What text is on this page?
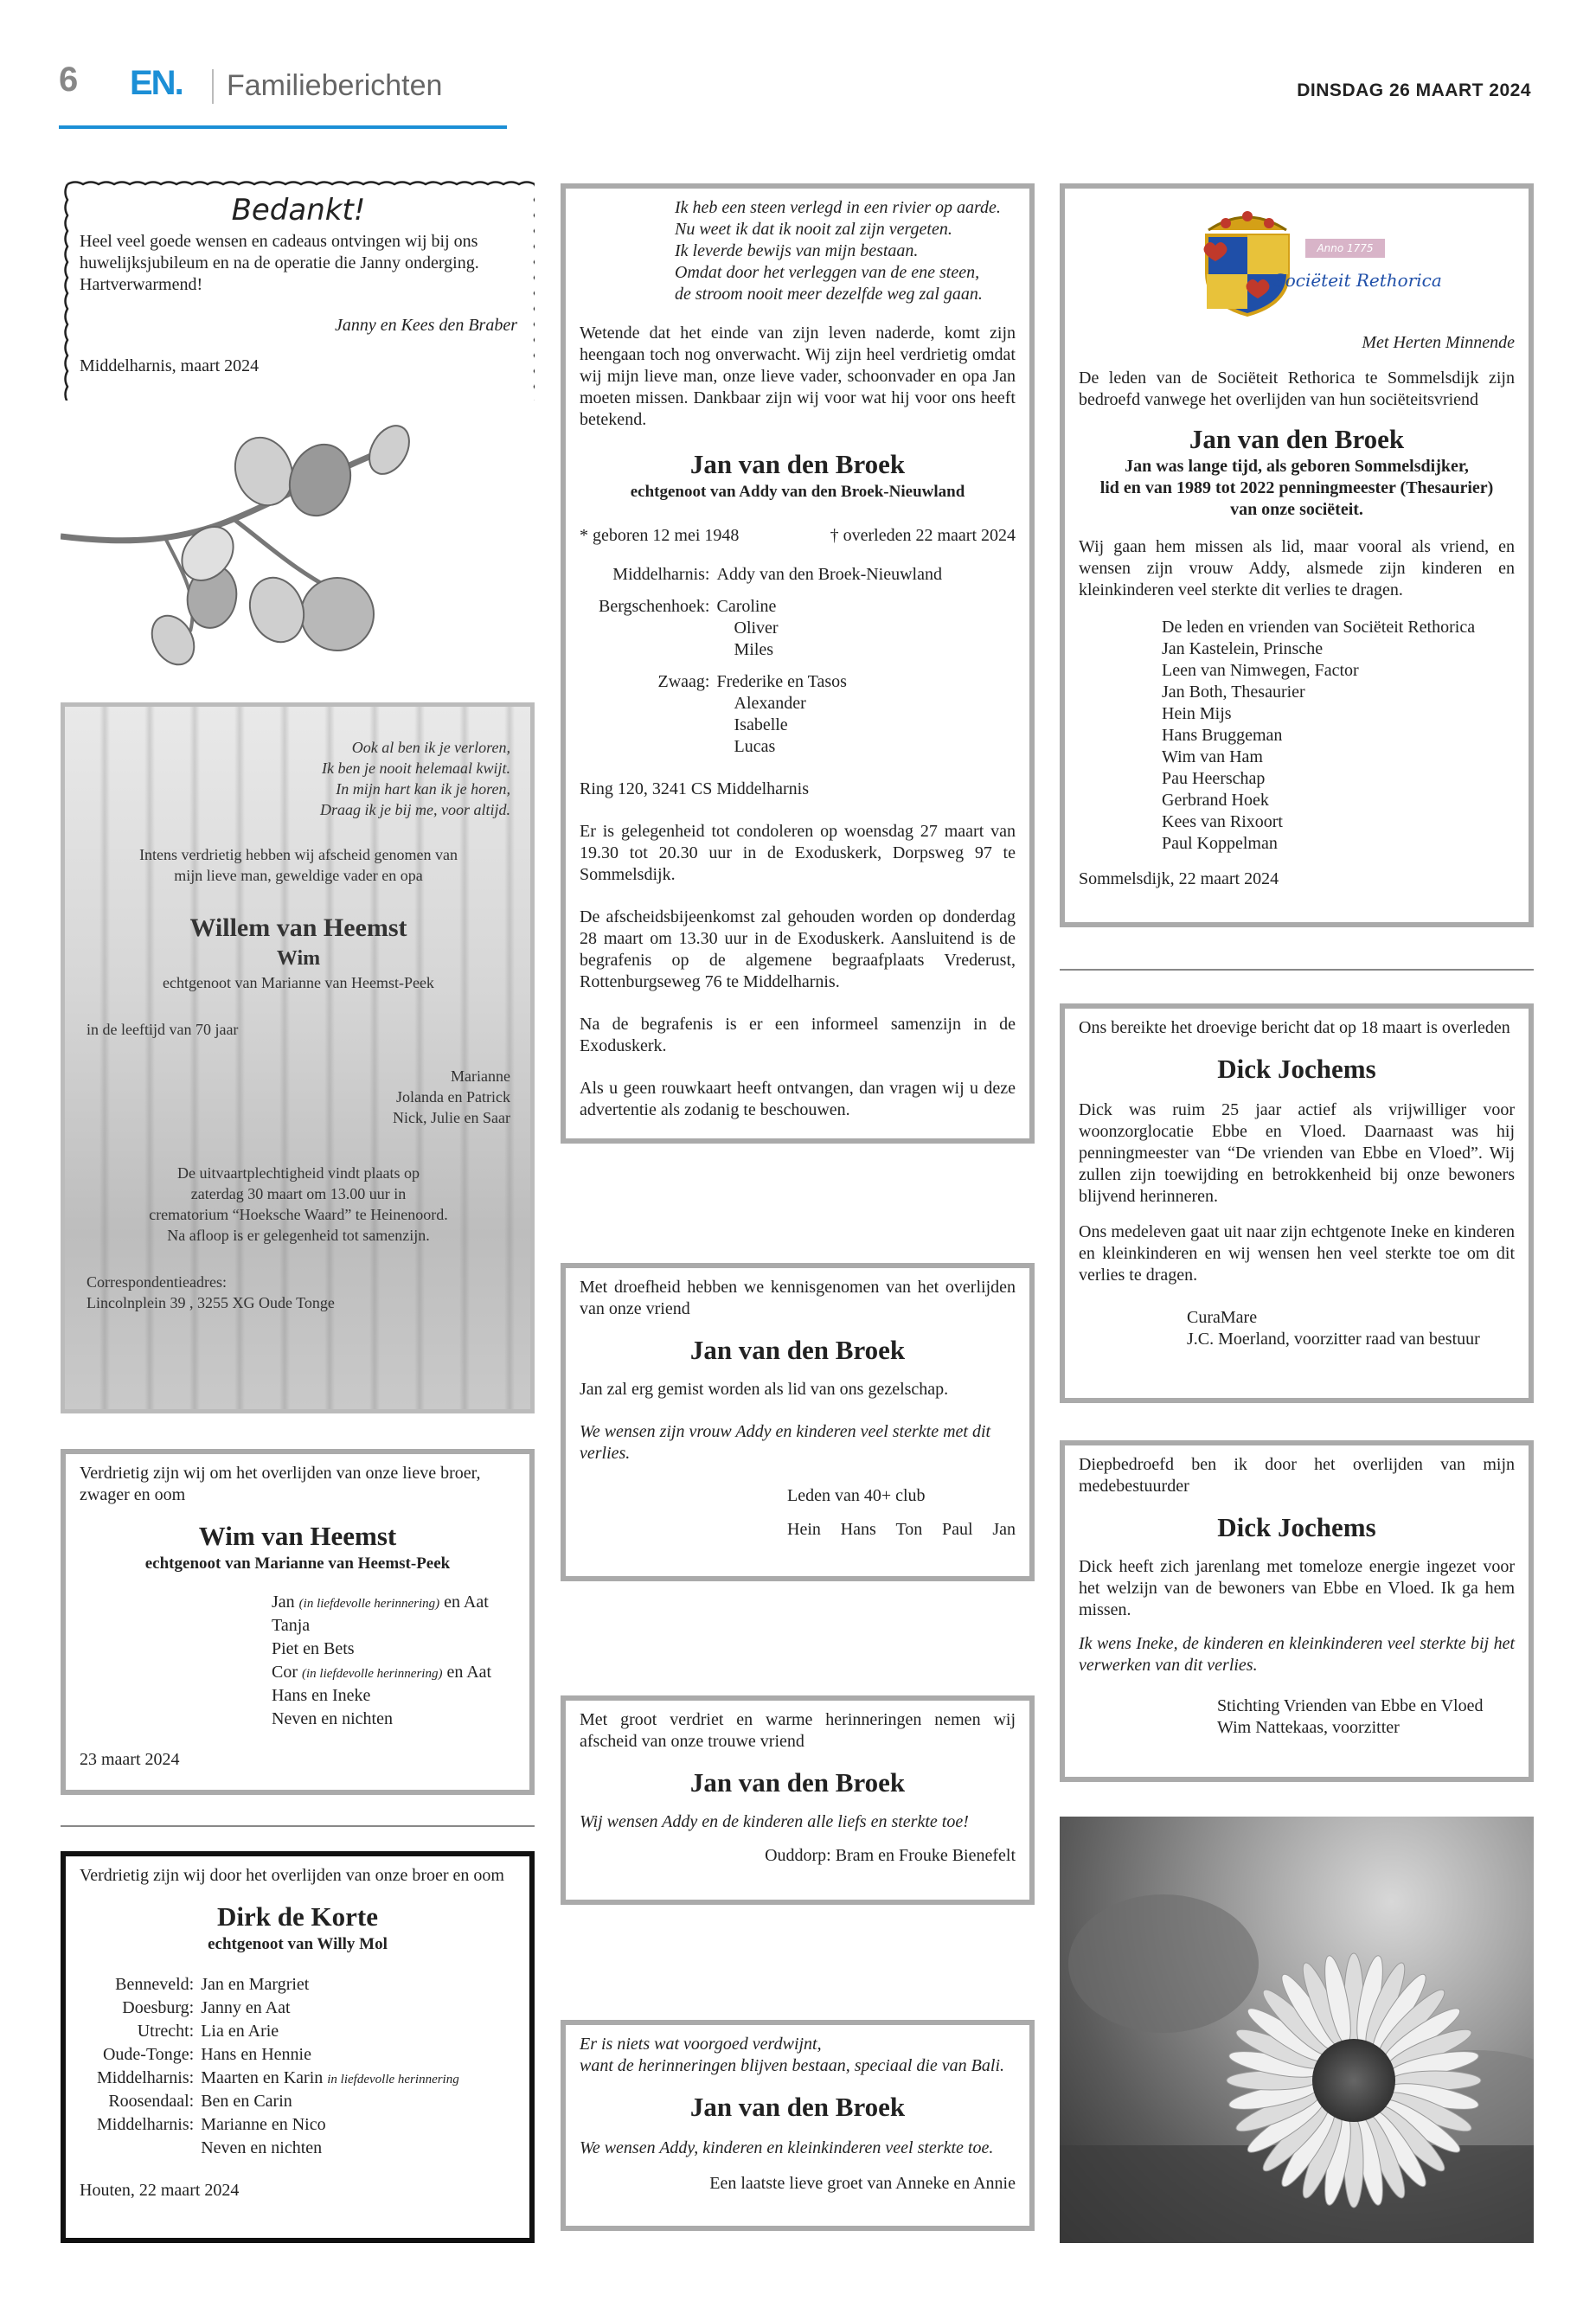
6 EN. Familieberichten	DINSDAG 26 MAART 2024
Bedankt!

Heel veel goede wensen en cadeaus ontvingen wij bij ons huwelijksjubileum en na de operatie die Janny onderging. Hartverwarmend!

Janny en Kees den Braber

Middelharnis, maart 2024

Ook al ben ik je verloren,
Ik ben je nooit helemaal kwijt.
In mijn hart kan ik je horen,
Draag ik je bij me, voor altijd.
Intens verdrietig hebben wij afscheid genomen van
mijn lieve man, geweldige vader en opa
Willem van Heemst
Wim
echtgenoot van Marianne van Heemst-Peek
in de leeftijd van 70 jaar
Marianne
Jolanda en Patrick
Nick, Julie en Saar
De uitvaartplechtigheid vindt plaats op
zaterdag 30 maart om 13.00 uur in
crematorium “Hoeksche Waard” te Heinenoord.
Na afloop is er gelegenheid tot samenzijn.
Correspondentieadres:
Lincolnplein 39 , 3255 XG Oude Tonge

Verdrietig zijn wij om het overlijden van onze lieve broer, zwager en oom

Wim van Heemst
echtgenoot van Marianne van Heemst-Peek
Jan (in liefdevolle herinnering) en Aat
Tanja
Piet en Bets
Cor (in liefdevolle herinnering) en Aat
Hans en Ineke
Neven en nichten

23 maart 2024

Verdrietig zijn wij door het overlijden van onze broer en oom

Dirk de Korte
echtgenoot van Willy Mol
Benneveld:	Jan en Margriet
Doesburg:	Janny en Aat
Utrecht:	Lia en Arie
Oude-Tonge:	Hans en Hennie
Middelharnis:	Maarten en Karin in liefdevolle herinnering
Roosendaal:	Ben en Carin
Middelharnis:	Marianne en Nico
	Neven en nichten

Houten, 22 maart 2024

Ik heb een steen verlegd in een rivier op aarde.
Nu weet ik dat ik nooit zal zijn vergeten.
Ik leverde bewijs van mijn bestaan.
Omdat door het verleggen van de ene steen,
de stroom nooit meer dezelfde weg zal gaan.

Wetende dat het einde van zijn leven naderde, komt zijn heengaan toch nog onverwacht. Wij zijn heel verdrietig omdat wij mijn lieve man, onze lieve vader, schoonvader en opa Jan moeten missen. Dankbaar zijn wij voor wat hij voor ons heeft betekend.

Jan van den Broek
echtgenoot van Addy van den Broek-Nieuwland
* geboren 12 mei 1948	† overleden 22 maart 2024
Middelharnis:	Addy van den Broek-Nieuwland

Bergschenhoek:	Caroline
	Oliver
	Miles

Zwaag:	Frederike en Tasos
	Alexander
	Isabelle
	Lucas

Ring 120, 3241 CS Middelharnis

Er is gelegenheid tot condoleren op woensdag 27 maart van 19.30 tot 20.30 uur in de Exoduskerk, Dorpsweg 97 te Sommelsdijk.

De afscheidsbijeenkomst zal gehouden worden op donderdag 28 maart om 13.30 uur in de Exoduskerk. Aansluitend is de begrafenis op de algemene begraafplaats Vrederust, Rottenburgseweg 76 te Middelharnis.

Na de begrafenis is er een informeel samenzijn in de Exoduskerk.

Als u geen rouwkaart heeft ontvangen, dan vragen wij u deze advertentie als zodanig te beschouwen.

Met droefheid hebben we kennisgenomen van het overlijden van onze vriend

Jan van den Broek

Jan zal erg gemist worden als lid van ons gezelschap.

We wensen zijn vrouw Addy en kinderen veel sterkte met dit verlies.

Leden van 40+ club

Hein Hans Ton Paul Jan

Met groot verdriet en warme herinneringen nemen wij afscheid van onze trouwe vriend

Jan van den Broek

Wij wensen Addy en de kinderen alle liefs en sterkte toe!

Ouddorp: Bram en Frouke Bienefelt

Er is niets wat voorgoed verdwijnt,
want de herinneringen blijven bestaan, speciaal die van Bali.
Jan van den Broek

We wensen Addy, kinderen en kleinkinderen veel sterkte toe.

Een laatste lieve groet van Anneke en Annie

Anno 1775
Sociëteit Rethorica

Met Herten Minnende

De leden van de Sociëteit Rethorica te Sommelsdijk zijn bedroefd vanwege het overlijden van hun sociëteitsvriend

Jan van den Broek
Jan was lange tijd, als geboren Sommelsdijker,
lid en van 1989 tot 2022 penningmeester (Thesaurier)
van onze sociëteit.

Wij gaan hem missen als lid, maar vooral als vriend, en wensen zijn vrouw Addy, alsmede zijn kinderen en kleinkinderen veel sterkte dit verlies te dragen.

De leden en vrienden van Sociëteit Rethorica
Jan Kastelein, Prinsche
Leen van Nimwegen, Factor
Jan Both, Thesaurier
Hein Mijs
Hans Bruggeman
Wim van Ham
Pau Heerschap
Gerbrand Hoek
Kees van Rixoort
Paul Koppelman

Sommelsdijk, 22 maart 2024

Ons bereikte het droevige bericht dat op 18 maart is overleden

Dick Jochems

Dick was ruim 25 jaar actief als vrijwilliger voor woonzorglocatie Ebbe en Vloed. Daarnaast was hij penningmeester van “De vrienden van Ebbe en Vloed”. Wij zullen zijn toewijding en betrokkenheid bij onze bewoners blijvend herinneren.

Ons medeleven gaat uit naar zijn echtgenote Ineke en kinderen en kleinkinderen en wij wensen hen veel sterkte toe om dit verlies te dragen.

CuraMare

J.C. Moerland, voorzitter raad van bestuur

Diepbedroefd ben ik door het overlijden van mijn medebestuurder

Dick Jochems

Dick heeft zich jarenlang met tomeloze energie ingezet voor het welzijn van de bewoners van Ebbe en Vloed. Ik ga hem missen.

Ik wens Ineke, de kinderen en kleinkinderen veel sterkte bij het verwerken van dit verlies.

Stichting Vrienden van Ebbe en Vloed

Wim Nattekaas, voorzitter
